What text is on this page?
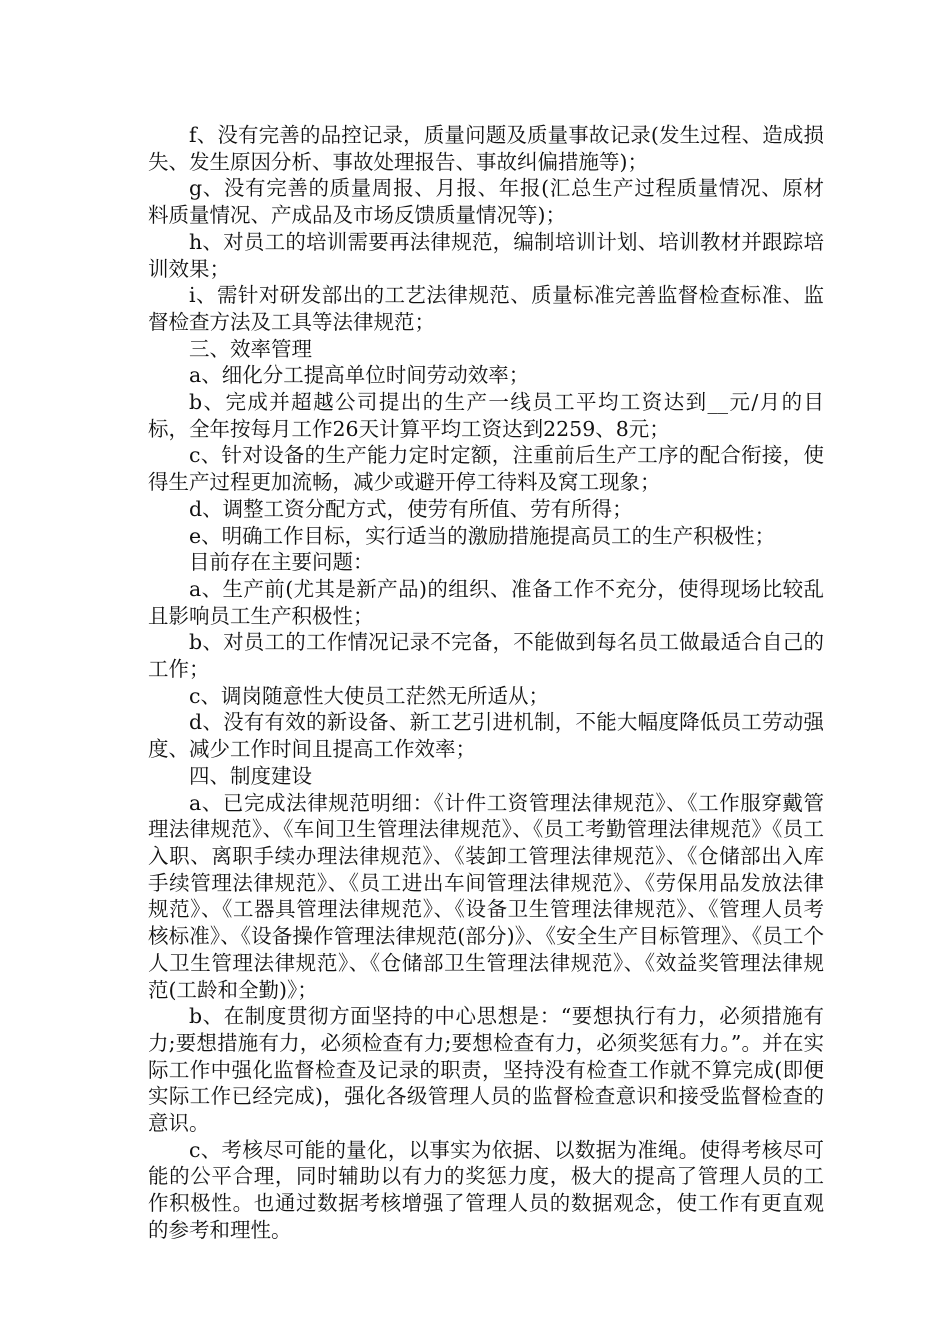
f、没有完善的品控记录，质量问题及质量事故记录(发生过程、造成损失、发生原因分析、事故处理报告、事故纠偏措施等)；

g、没有完善的质量周报、月报、年报(汇总生产过程质量情况、原材料质量情况、产成品及市场反馈质量情况等)；

h、对员工的培训需要再法律规范，编制培训计划、培训教材并跟踪培训效果；

i、需针对研发部出的工艺法律规范、质量标准完善监督检查标准、监督检查方法及工具等法律规范；

三、效率管理

a、细化分工提高单位时间劳动效率；

b、完成并超越公司提出的生产一线员工平均工资达到__元/月的目标，全年按每月工作26天计算平均工资达到2259、8元；

c、针对设备的生产能力定时定额，注重前后生产工序的配合衔接，使得生产过程更加流畅，减少或避开停工待料及窝工现象；

d、调整工资分配方式，使劳有所值、劳有所得；

e、明确工作目标，实行适当的激励措施提高员工的生产积极性；

目前存在主要问题：

a、生产前(尤其是新产品)的组织、准备工作不充分，使得现场比较乱且影响员工生产积极性；

b、对员工的工作情况记录不完备，不能做到每名员工做最适合自己的工作；

c、调岗随意性大使员工茫然无所适从；

d、没有有效的新设备、新工艺引进机制，不能大幅度降低员工劳动强度、减少工作时间且提高工作效率；

四、制度建设

a、已完成法律规范明细：《计件工资管理法律规范》、《工作服穿戴管理法律规范》、《车间卫生管理法律规范》、《员工考勤管理法律规范》《员工入职、离职手续办理法律规范》、《装卸工管理法律规范》、《仓储部出入库手续管理法律规范》、《员工进出车间管理法律规范》、《劳保用品发放法律规范》、《工器具管理法律规范》、《设备卫生管理法律规范》、《管理人员考核标准》、《设备操作管理法律规范(部分)》、《安全生产目标管理》、《员工个人卫生管理法律规范》、《仓储部卫生管理法律规范》、《效益奖管理法律规范(工龄和全勤)》；

b、在制度贯彻方面坚持的中心思想是：“要想执行有力，必须措施有力;要想措施有力，必须检查有力;要想检查有力，必须奖惩有力。”。并在实际工作中强化监督检查及记录的职责，坚持没有检查工作就不算完成(即便实际工作已经完成)，强化各级管理人员的监督检查意识和接受监督检查的意识。

c、考核尽可能的量化，以事实为依据、以数据为准绳。使得考核尽可能的公平合理，同时辅助以有力的奖惩力度，极大的提高了管理人员的工作积极性。也通过数据考核增强了管理人员的数据观念，使工作有更直观的参考和理性。
